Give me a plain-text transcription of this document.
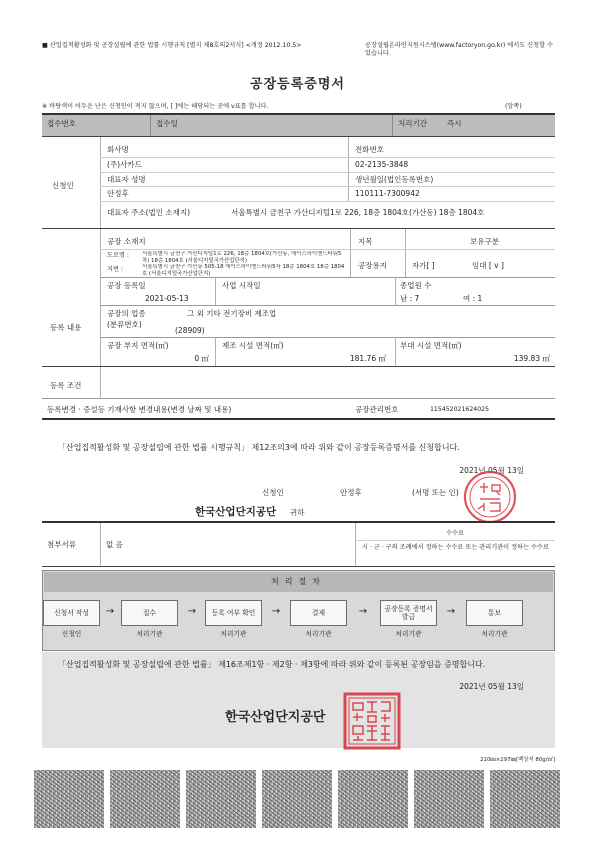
■ 산업집적활성화 및 공장설립에 관한 법률 시행규칙 [별지 제8호의2서식] <개정 2012.10.5>	공장설립온라인지원시스템(www.factoryon.go.kr) 에서도 신청할 수 있습니다.
공장등록증명서
※ 바탕색이 어두운 난은 신청인이 적지 않으며, [ ]에는 해당되는 곳에 v표를 합니다.	(앞쪽)
접수번호	접수일	처리기간	즉시
신청인
회사명	전화번호
(주)사카드	02-2135-3848
대표자 성명	생년월일(법인등록번호)
안정후	110111-7300942
대표자 주소(법인 소재지)	서울특별시 금천구 가산디지털1로 226, 18층 1804호(가산동) 18층 1804호
등록 내용
공장 소재지	지목	보유구분
도로명 : 서울특별시 금천구 가산디지털1로 226, 18층 1804호(가산동, 에이스하이엔드타워5차) 18층 1804호 (서울디지털국가산업단지)
지번 :	서울특별시 금천구 가산동 505-18 에이스하이엔드타워5차 18층 1804호 18층 1804호 (서울디지털국가산업단지)
공장용지	자가[ ]	임대 [ v ]
공장 등록일	사업 시작일	종업원 수
2021-05-13	남 : 7	여 : 1
공장의 업종
(분류번호)
그 외 기타 전기장비 제조업
(28909)
공장 부지 면적(㎡)	제조 시설 면적(㎡)	부대 시설 면적(㎡)
0 ㎡	181.76 ㎡	139.83 ㎡
등록 조건
등록변경 · 증설등 기재사항 변경내용(변경 날짜 및 내용)	공장관리번호	115452021624025
「산업집적활성화 및 공장설립에 관한 법률 시행규칙」 제12조의3에 따라 위와 같이 공장등록증명서를 신청합니다.
2021년 05월 13일
신청인	안정후	(서명 또는 인)
한국산업단지공단 귀하
첨부서류	없 음
수수료
시 · 군 · 구의 조례에서 정하는 수수료 또는 관리기관이 정하는 수수료
처리절차
신청서 작성	→	접수	→	등록 여부 확인	→	결재	→	공장등록 증명서발급	→	통보
신청인	처리기관	처리기관	처리기관	처리기관	처리기관
「산업집적활성화 및 공장설립에 관한 법률」 제16조제1항 · 제2항 · 제3항에 따라 위와 같이 등록된 공장임을 증명합니다.
2021년 05월 13일
한국산업단지공단
210㎜×297㎜[백상지 80g/㎡]
